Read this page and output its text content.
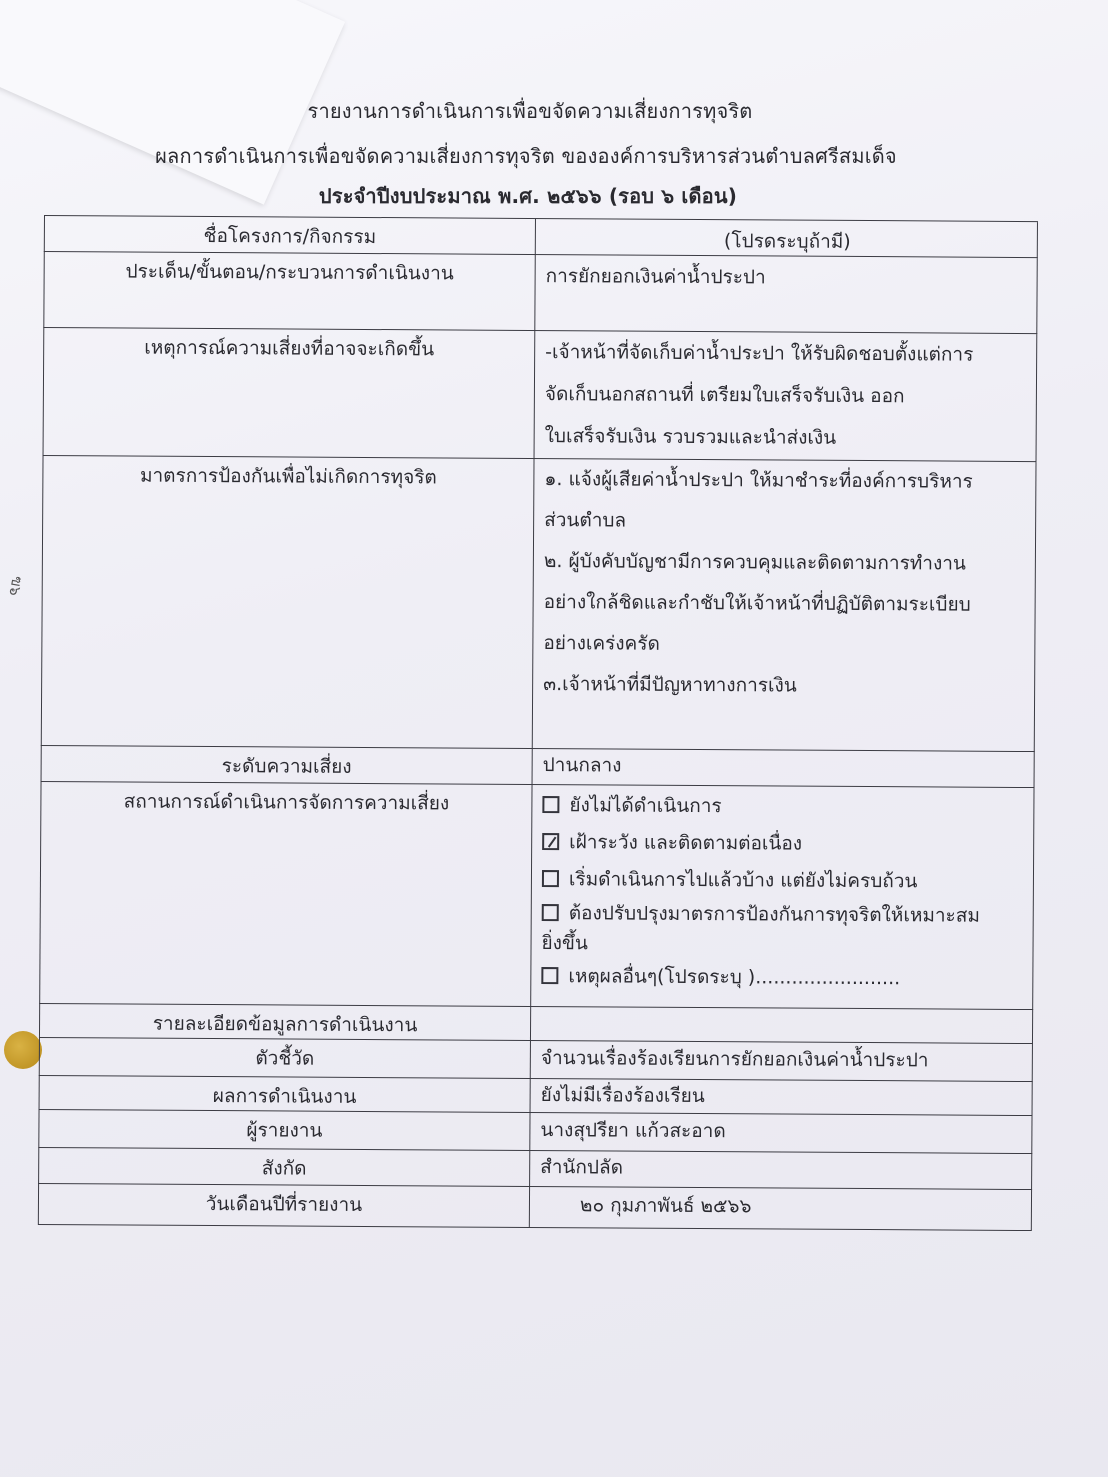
ฃ๖
รายงานการดำเนินการเพื่อขจัดความเสี่ยงการทุจริต
ผลการดำเนินการเพื่อขจัดความเสี่ยงการทุจริต ขององค์การบริหารส่วนตำบลศรีสมเด็จ
ประจำปีงบประมาณ พ.ศ. ๒๕๖๖ (รอบ ๖ เดือน)
ชื่อโครงการ/กิจกรรม	(โปรดระบุถ้ามี)
ประเด็น/ขั้นตอน/กระบวนการดำเนินงาน	การยักยอกเงินค่าน้ำประปา
เหตุการณ์ความเสี่ยงที่อาจจะเกิดขึ้น	-เจ้าหน้าที่จัดเก็บค่าน้ำประปา ให้รับผิดชอบตั้งแต่การ
จัดเก็บนอกสถานที่ เตรียมใบเสร็จรับเงิน ออก
ใบเสร็จรับเงิน รวบรวมและนำส่งเงิน
มาตรการป้องกันเพื่อไม่เกิดการทุจริต	๑. แจ้งผู้เสียค่าน้ำประปา ให้มาชำระที่องค์การบริหาร
ส่วนตำบล
๒. ผู้บังคับบัญชามีการควบคุมและติดตามการทำงาน
อย่างใกล้ชิดและกำชับให้เจ้าหน้าที่ปฏิบัติตามระเบียบ
อย่างเคร่งครัด
๓.เจ้าหน้าที่มีปัญหาทางการเงิน
ระดับความเสี่ยง	ปานกลาง
สถานการณ์ดำเนินการจัดการความเสี่ยง	ยังไม่ได้ดำเนินการ
เฝ้าระวัง และติดตามต่อเนื่อง
เริ่มดำเนินการไปแล้วบ้าง แต่ยังไม่ครบถ้วน
ต้องปรับปรุงมาตรการป้องกันการทุจริตให้เหมาะสม
ยิ่งขึ้น
เหตุผลอื่นๆ(โปรดระบุ )........................
รายละเอียดข้อมูลการดำเนินงาน
ตัวชี้วัด	จำนวนเรื่องร้องเรียนการยักยอกเงินค่าน้ำประปา
ผลการดำเนินงาน	ยังไม่มีเรื่องร้องเรียน
ผู้รายงาน	นางสุปรียา แก้วสะอาด
สังกัด	สำนักปลัด
วันเดือนปีที่รายงาน	๒๐ กุมภาพันธ์ ๒๕๖๖
